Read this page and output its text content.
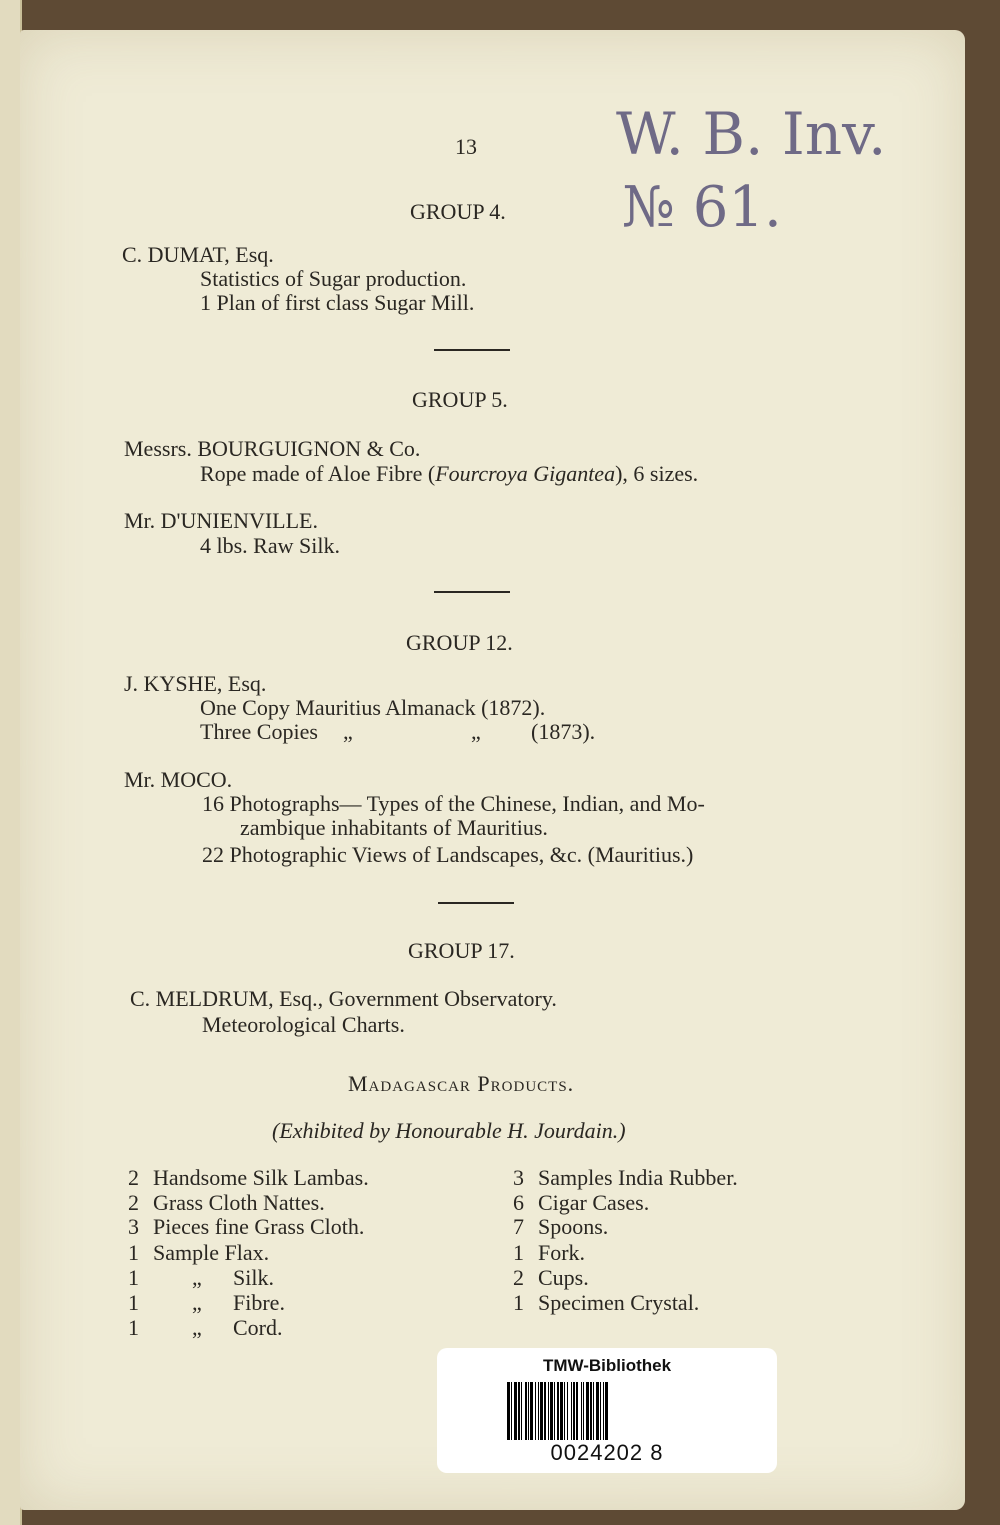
13 W. B. Inv.
№ 61.
GROUP 4.
C. DUMAT, Esq.
Statistics of Sugar production.
1 Plan of first class Sugar Mill.
GROUP 5.
Messrs. BOURGUIGNON & Co.
Rope made of Aloe Fibre (Fourcroya Gigantea), 6 sizes.
Mr. D'UNIENVILLE.
4 lbs. Raw Silk.
GROUP 12.
J. KYSHE, Esq.
One Copy Mauritius Almanack (1872).
Three Copies „	„ (1873).
Mr. MOCO.
16 Photographs— Types of the Chinese, Indian, and Mo-
zambique inhabitants of Mauritius.
22 Photographic Views of Landscapes, &c. (Mauritius.)
GROUP 17.
C. MELDRUM, Esq., Government Observatory.
Meteorological Charts.
Madagascar Products.
(Exhibited by Honourable H. Jourdain.)
2 Handsome Silk Lambas.
2 Grass Cloth Nattes.
3 Pieces fine Grass Cloth.
1 Sample Flax.
1 „ Silk.
1 „ Fibre.
1 „ Cord.
3 Samples India Rubber.
6 Cigar Cases.
7 Spoons.
1 Fork.
2 Cups.
1 Specimen Crystal.
TMW-Bibliothek
0024202 8
